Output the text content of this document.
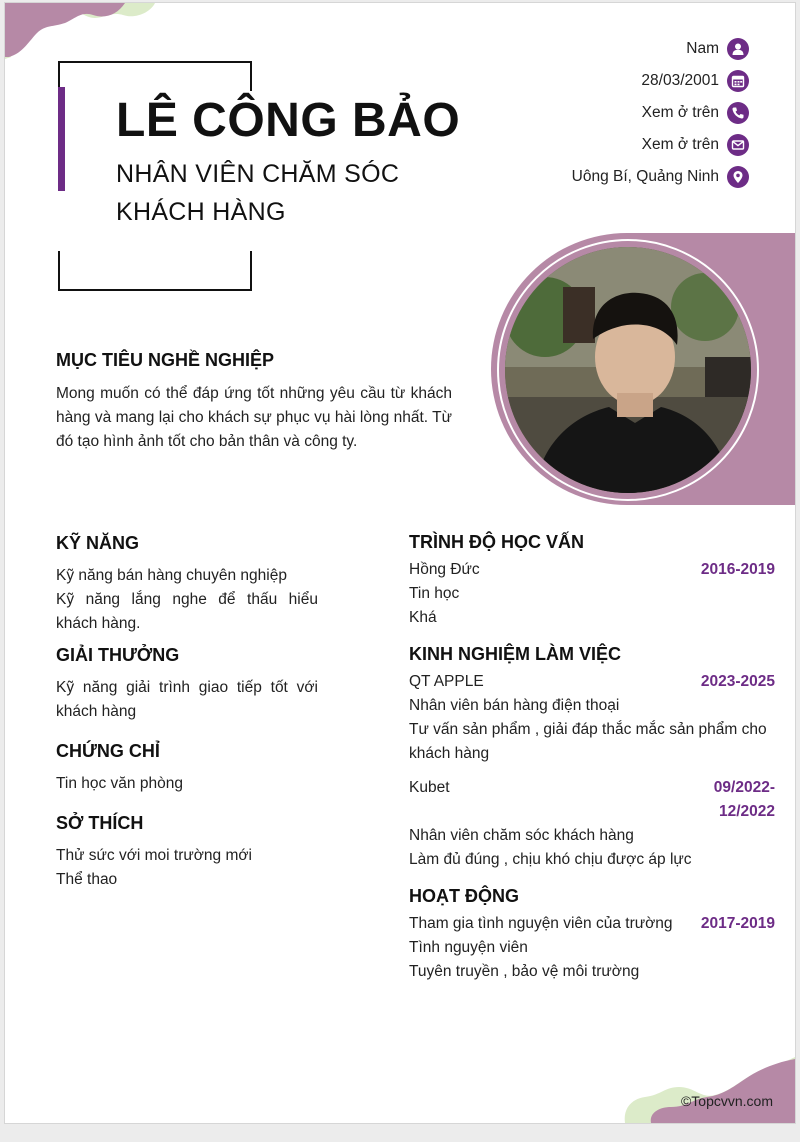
LÊ CÔNG BẢO
NHÂN VIÊN CHĂM SÓC KHÁCH HÀNG
Nam
28/03/2001
Xem ở trên
Xem ở trên
Uông Bí, Quảng Ninh
MỤC TIÊU NGHỀ NGHIỆP
Mong muốn có thể đáp ứng tốt những yêu cầu từ khách hàng và mang lại cho khách sự phục vụ hài lòng nhất. Từ đó tạo hình ảnh tốt cho bản thân và công ty.
KỸ NĂNG
Kỹ năng bán hàng chuyên nghiệp
Kỹ năng lắng nghe để thấu hiểu khách hàng.
GIẢI THƯỞNG
Kỹ năng giải trình giao tiếp tốt với khách hàng
CHỨNG CHỈ
Tin học văn phòng
SỞ THÍCH
Thử sức với moi trường mới
Thể thao
TRÌNH ĐỘ HỌC VẤN
Hồng Đức	2016-2019
Tin học
Khá
KINH NGHIỆM LÀM VIỆC
QT APPLE	2023-2025
Nhân viên bán hàng điện thoại
Tư vấn sản phẩm , giải đáp thắc mắc sản phẩm cho khách hàng
Kubet	09/2022-
12/2022
Nhân viên chăm sóc khách hàng
Làm đủ đúng , chịu khó chịu được áp lực
HOẠT ĐỘNG
Tham gia tình nguyện viên của trường 2017-2019
Tình nguyện viên
Tuyên truyền , bảo vệ môi trường
©Topcvvn.com
